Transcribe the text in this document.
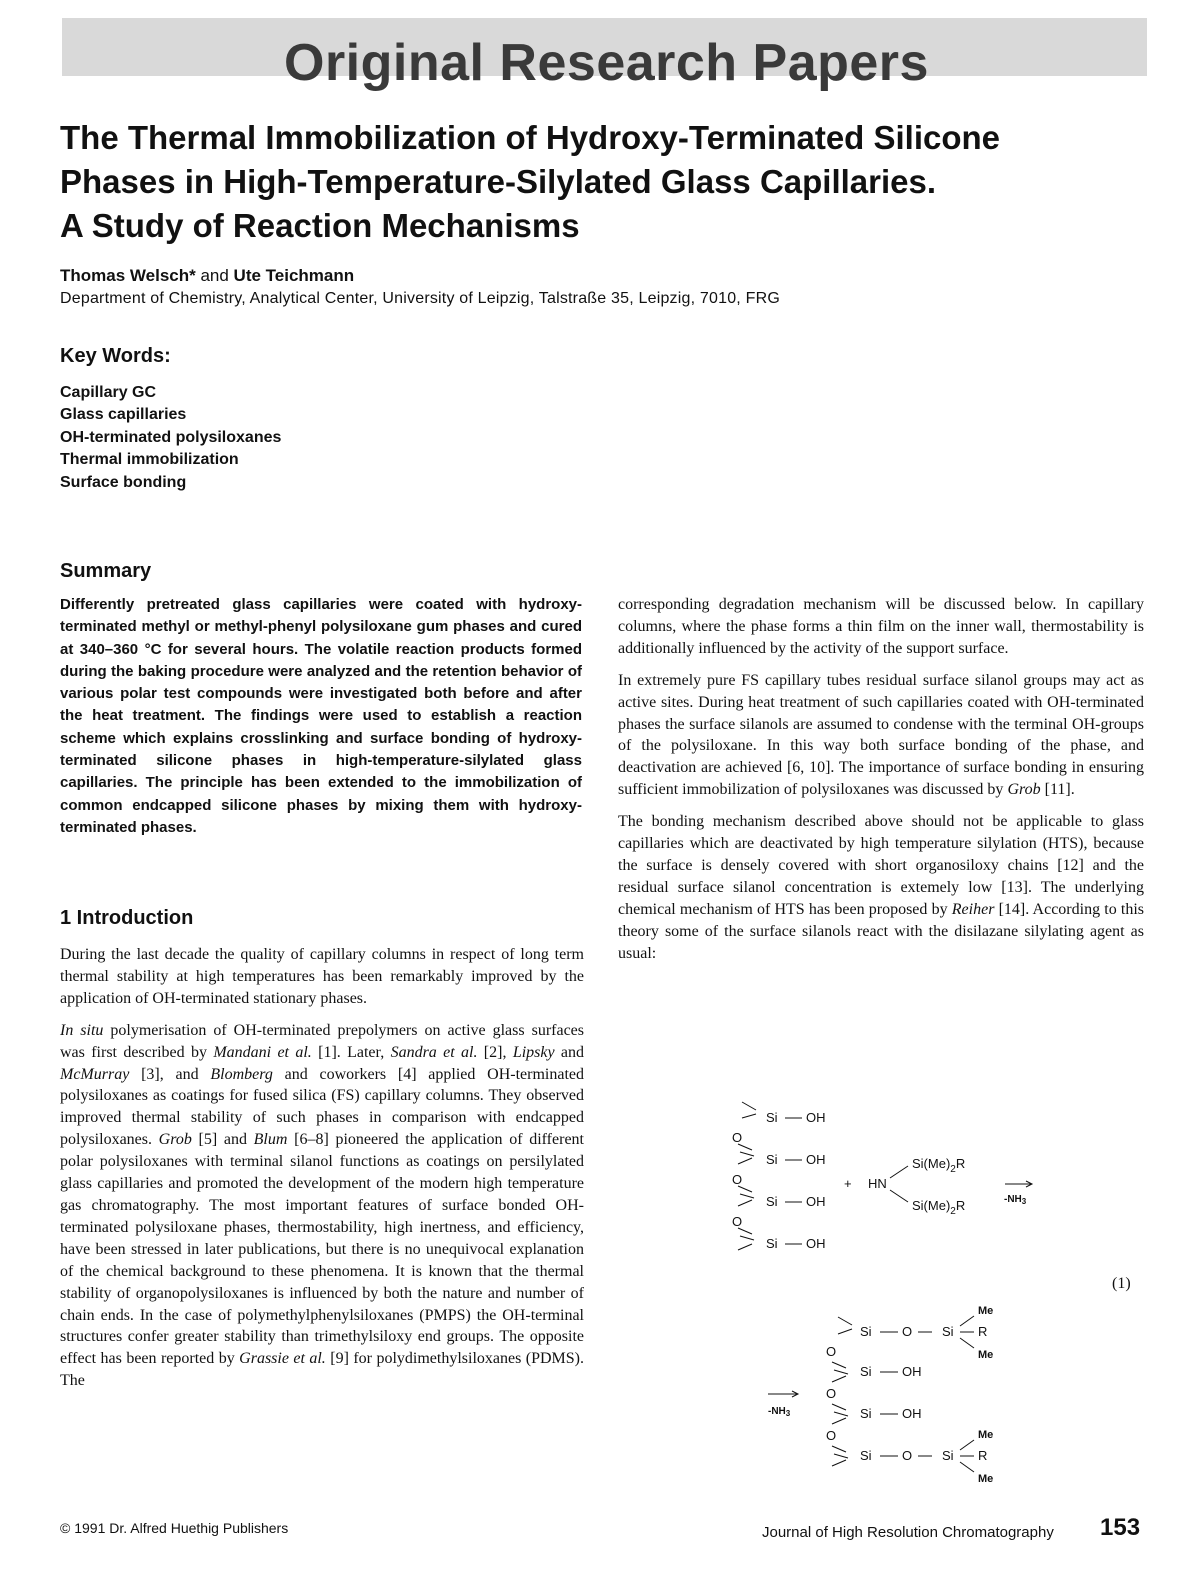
Original Research Papers
The Thermal Immobilization of Hydroxy-Terminated Silicone
Phases in High-Temperature-Silylated Glass Capillaries.
A Study of Reaction Mechanisms
Thomas Welsch* and Ute Teichmann
Department of Chemistry, Analytical Center, University of Leipzig, Talstraße 35, Leipzig, 7010, FRG
Key Words:
Capillary GC
Glass capillaries
OH-terminated polysiloxanes
Thermal immobilization
Surface bonding
Summary

Differently pretreated glass capillaries were coated with hydroxy-terminated methyl or methyl-phenyl polysiloxane gum phases and cured at 340–360 °C for several hours. The volatile reaction products formed during the baking procedure were analyzed and the retention behavior of various polar test compounds were investigated both before and after the heat treatment. The findings were used to establish a reaction scheme which explains crosslinking and surface bonding of hydroxy-terminated silicone phases in high-temperature-silylated glass capillaries. The principle has been extended to the immobilization of common endcapped silicone phases by mixing them with hydroxy-terminated phases.

1 Introduction

During the last decade the quality of capillary columns in respect of long term thermal stability at high temperatures has been remarkably improved by the application of OH-terminated stationary phases.

In situ polymerisation of OH-terminated prepolymers on active glass surfaces was first described by Mandani et al. [1]. Later, Sandra et al. [2], Lipsky and McMurray [3], and Blomberg and coworkers [4] applied OH-terminated polysiloxanes as coatings for fused silica (FS) capillary columns. They observed improved thermal stability of such phases in comparison with endcapped polysiloxanes. Grob [5] and Blum [6–8] pioneered the application of different polar polysiloxanes with terminal silanol functions as coatings on persilylated glass capillaries and promoted the development of the modern high temperature gas chromatography. The most important features of surface bonded OH-terminated polysiloxane phases, thermostability, high inertness, and efficiency, have been stressed in later publications, but there is no unequivocal explanation of the chemical background to these phenomena. It is known that the thermal stability of organopolysiloxanes is influenced by both the nature and number of chain ends. In the case of polymethylphenylsiloxanes (PMPS) the OH-terminal structures confer greater stability than trimethylsiloxy end groups. The opposite effect has been reported by Grassie et al. [9] for polydimethylsiloxanes (PDMS). The

corresponding degradation mechanism will be discussed below. In capillary columns, where the phase forms a thin film on the inner wall, thermostability is additionally influenced by the activity of the support surface.

In extremely pure FS capillary tubes residual surface silanol groups may act as active sites. During heat treatment of such capillaries coated with OH-terminated phases the surface silanols are assumed to condense with the terminal OH-groups of the polysiloxane. In this way both surface bonding of the phase, and deactivation are achieved [6, 10]. The importance of surface bonding in ensuring sufficient immobilization of polysiloxanes was discussed by Grob [11].

The bonding mechanism described above should not be applicable to glass capillaries which are deactivated by high temperature silylation (HTS), because the surface is densely covered with short organosiloxy chains [12] and the residual surface silanol concentration is extemely low [13]. The underlying chemical mechanism of HTS has been proposed by Reiher [14]. According to this theory some of the surface silanols react with the disilazane silylating agent as usual:

Si OH
O
Si OH
O
Si OH
O
Si OH
+ HN
$Si(Me)_2R$
$Si(Me)_2R$	$-NH_3$
(1)
$-NH_3$
Si O Si
Me
R
Me
O
Si OH
O
Si OH
O
Si O Si
Me
R
Me
© 1991 Dr. Alfred Huethig Publishers	Journal of High Resolution Chromatography 153
